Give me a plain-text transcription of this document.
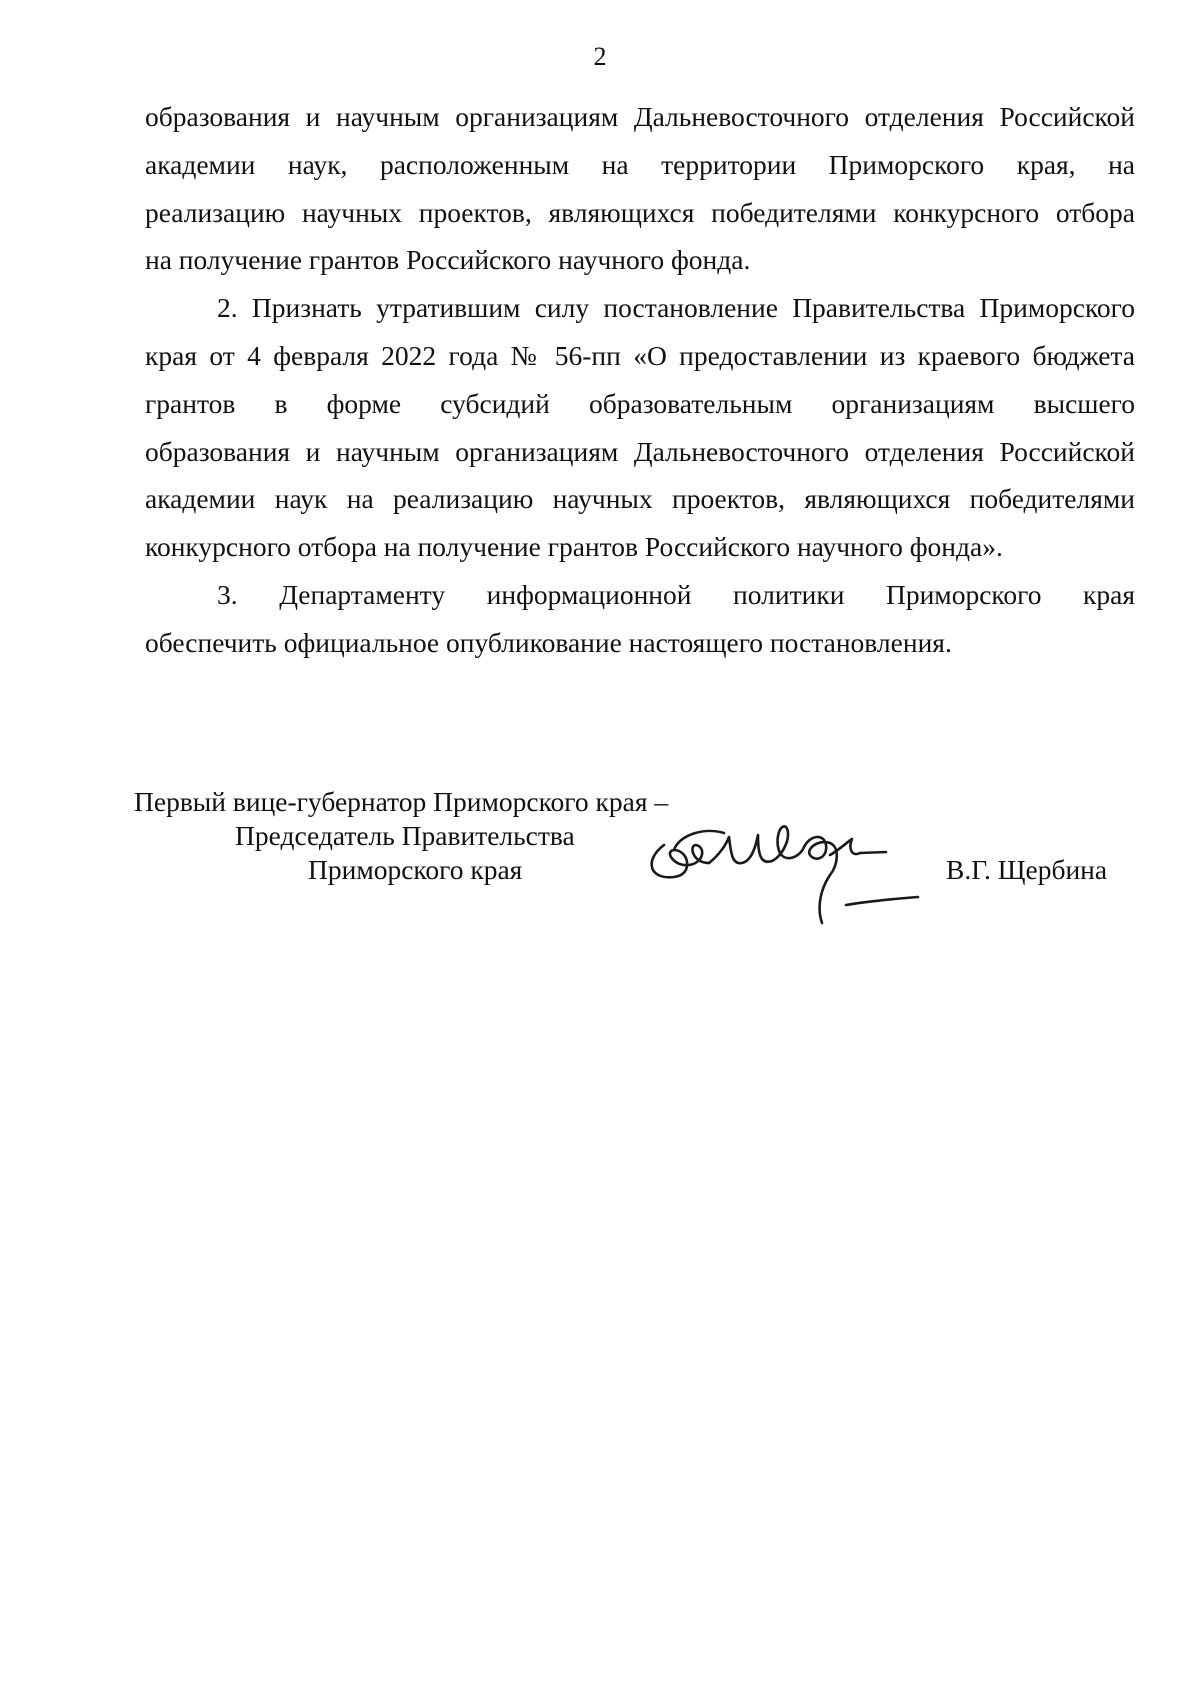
2
образования и научным организациям Дальневосточного отделения Российской
академии наук, расположенным на территории Приморского края, на
реализацию научных проектов, являющихся победителями конкурсного отбора
на получение грантов Российского научного фонда.
2. Признать утратившим силу постановление Правительства Приморского
края от 4 февраля 2022 года № 56-пп «О предоставлении из краевого бюджета
грантов в форме субсидий образовательным организациям высшего
образования и научным организациям Дальневосточного отделения Российской
академии наук на реализацию научных проектов, являющихся победителями
конкурсного отбора на получение грантов Российского научного фонда».
3. Департаменту информационной политики Приморского края
обеспечить официальное опубликование настоящего постановления.
Первый вице-губернатор Приморского края –
Председатель Правительства
Приморского края	В.Г. Щербина
